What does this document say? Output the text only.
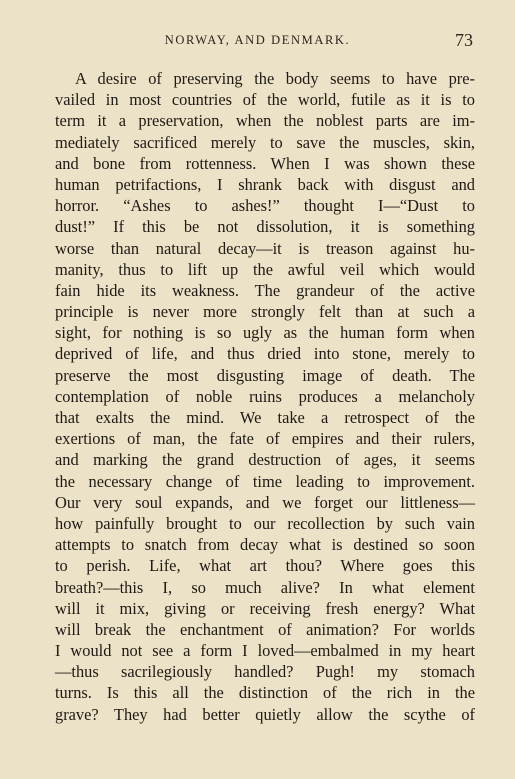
NORWAY, AND DENMARK.	73
A desire of preserving the body seems to have pre-
vailed in most countries of the world, futile as it is to
term it a preservation, when the noblest parts are im-
mediately sacrificed merely to save the muscles, skin,
and bone from rottenness. When I was shown these
human petrifactions, I shrank back with disgust and
horror. “Ashes to ashes!” thought I—“Dust to
dust!” If this be not dissolution, it is something
worse than natural decay—it is treason against hu-
manity, thus to lift up the awful veil which would
fain hide its weakness. The grandeur of the active
principle is never more strongly felt than at such a
sight, for nothing is so ugly as the human form when
deprived of life, and thus dried into stone, merely to
preserve the most disgusting image of death. The
contemplation of noble ruins produces a melancholy
that exalts the mind. We take a retrospect of the
exertions of man, the fate of empires and their rulers,
and marking the grand destruction of ages, it seems
the necessary change of time leading to improvement.
Our very soul expands, and we forget our littleness—
how painfully brought to our recollection by such vain
attempts to snatch from decay what is destined so soon
to perish. Life, what art thou? Where goes this
breath?—this I, so much alive? In what element
will it mix, giving or receiving fresh energy? What
will break the enchantment of animation? For worlds
I would not see a form I loved—embalmed in my heart
—thus sacrilegiously handled? Pugh! my stomach
turns. Is this all the distinction of the rich in the
grave? They had better quietly allow the scythe of
